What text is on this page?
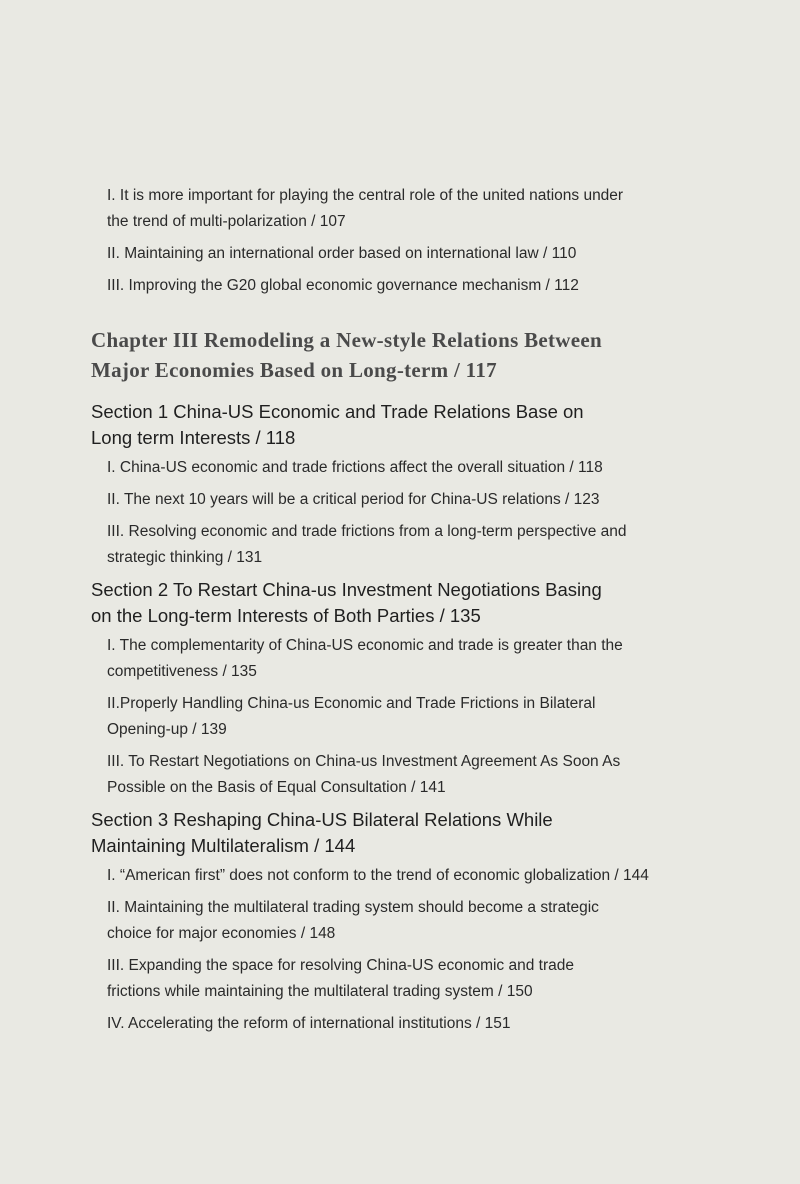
I. It is more important for playing the central role of the united nations under
the trend of multi-polarization / 107
II. Maintaining an international order based on international law / 110
III. Improving the G20 global economic governance mechanism / 112
Chapter III Remodeling a New-style Relations Between
Major Economies Based on Long-term / 117
Section 1 China-US Economic and Trade Relations Base on
Long term Interests / 118
I. China-US economic and trade frictions affect the overall situation / 118
II. The next 10 years will be a critical period for China-US relations / 123
III. Resolving economic and trade frictions from a long-term perspective and
strategic thinking / 131
Section 2 To Restart China-us Investment Negotiations Basing
on the Long-term Interests of Both Parties / 135
I. The complementarity of China-US economic and trade is greater than the
competitiveness / 135
II.Properly Handling China-us Economic and Trade Frictions in Bilateral
Opening-up / 139
III. To Restart Negotiations on China-us Investment Agreement As Soon As
Possible on the Basis of Equal Consultation / 141
Section 3 Reshaping China-US Bilateral Relations While
Maintaining Multilateralism / 144
I. “American first” does not conform to the trend of economic globalization / 144
II. Maintaining the multilateral trading system should become a strategic
choice for major economies / 148
III. Expanding the space for resolving China-US economic and trade
frictions while maintaining the multilateral trading system / 150
IV. Accelerating the reform of international institutions / 151
